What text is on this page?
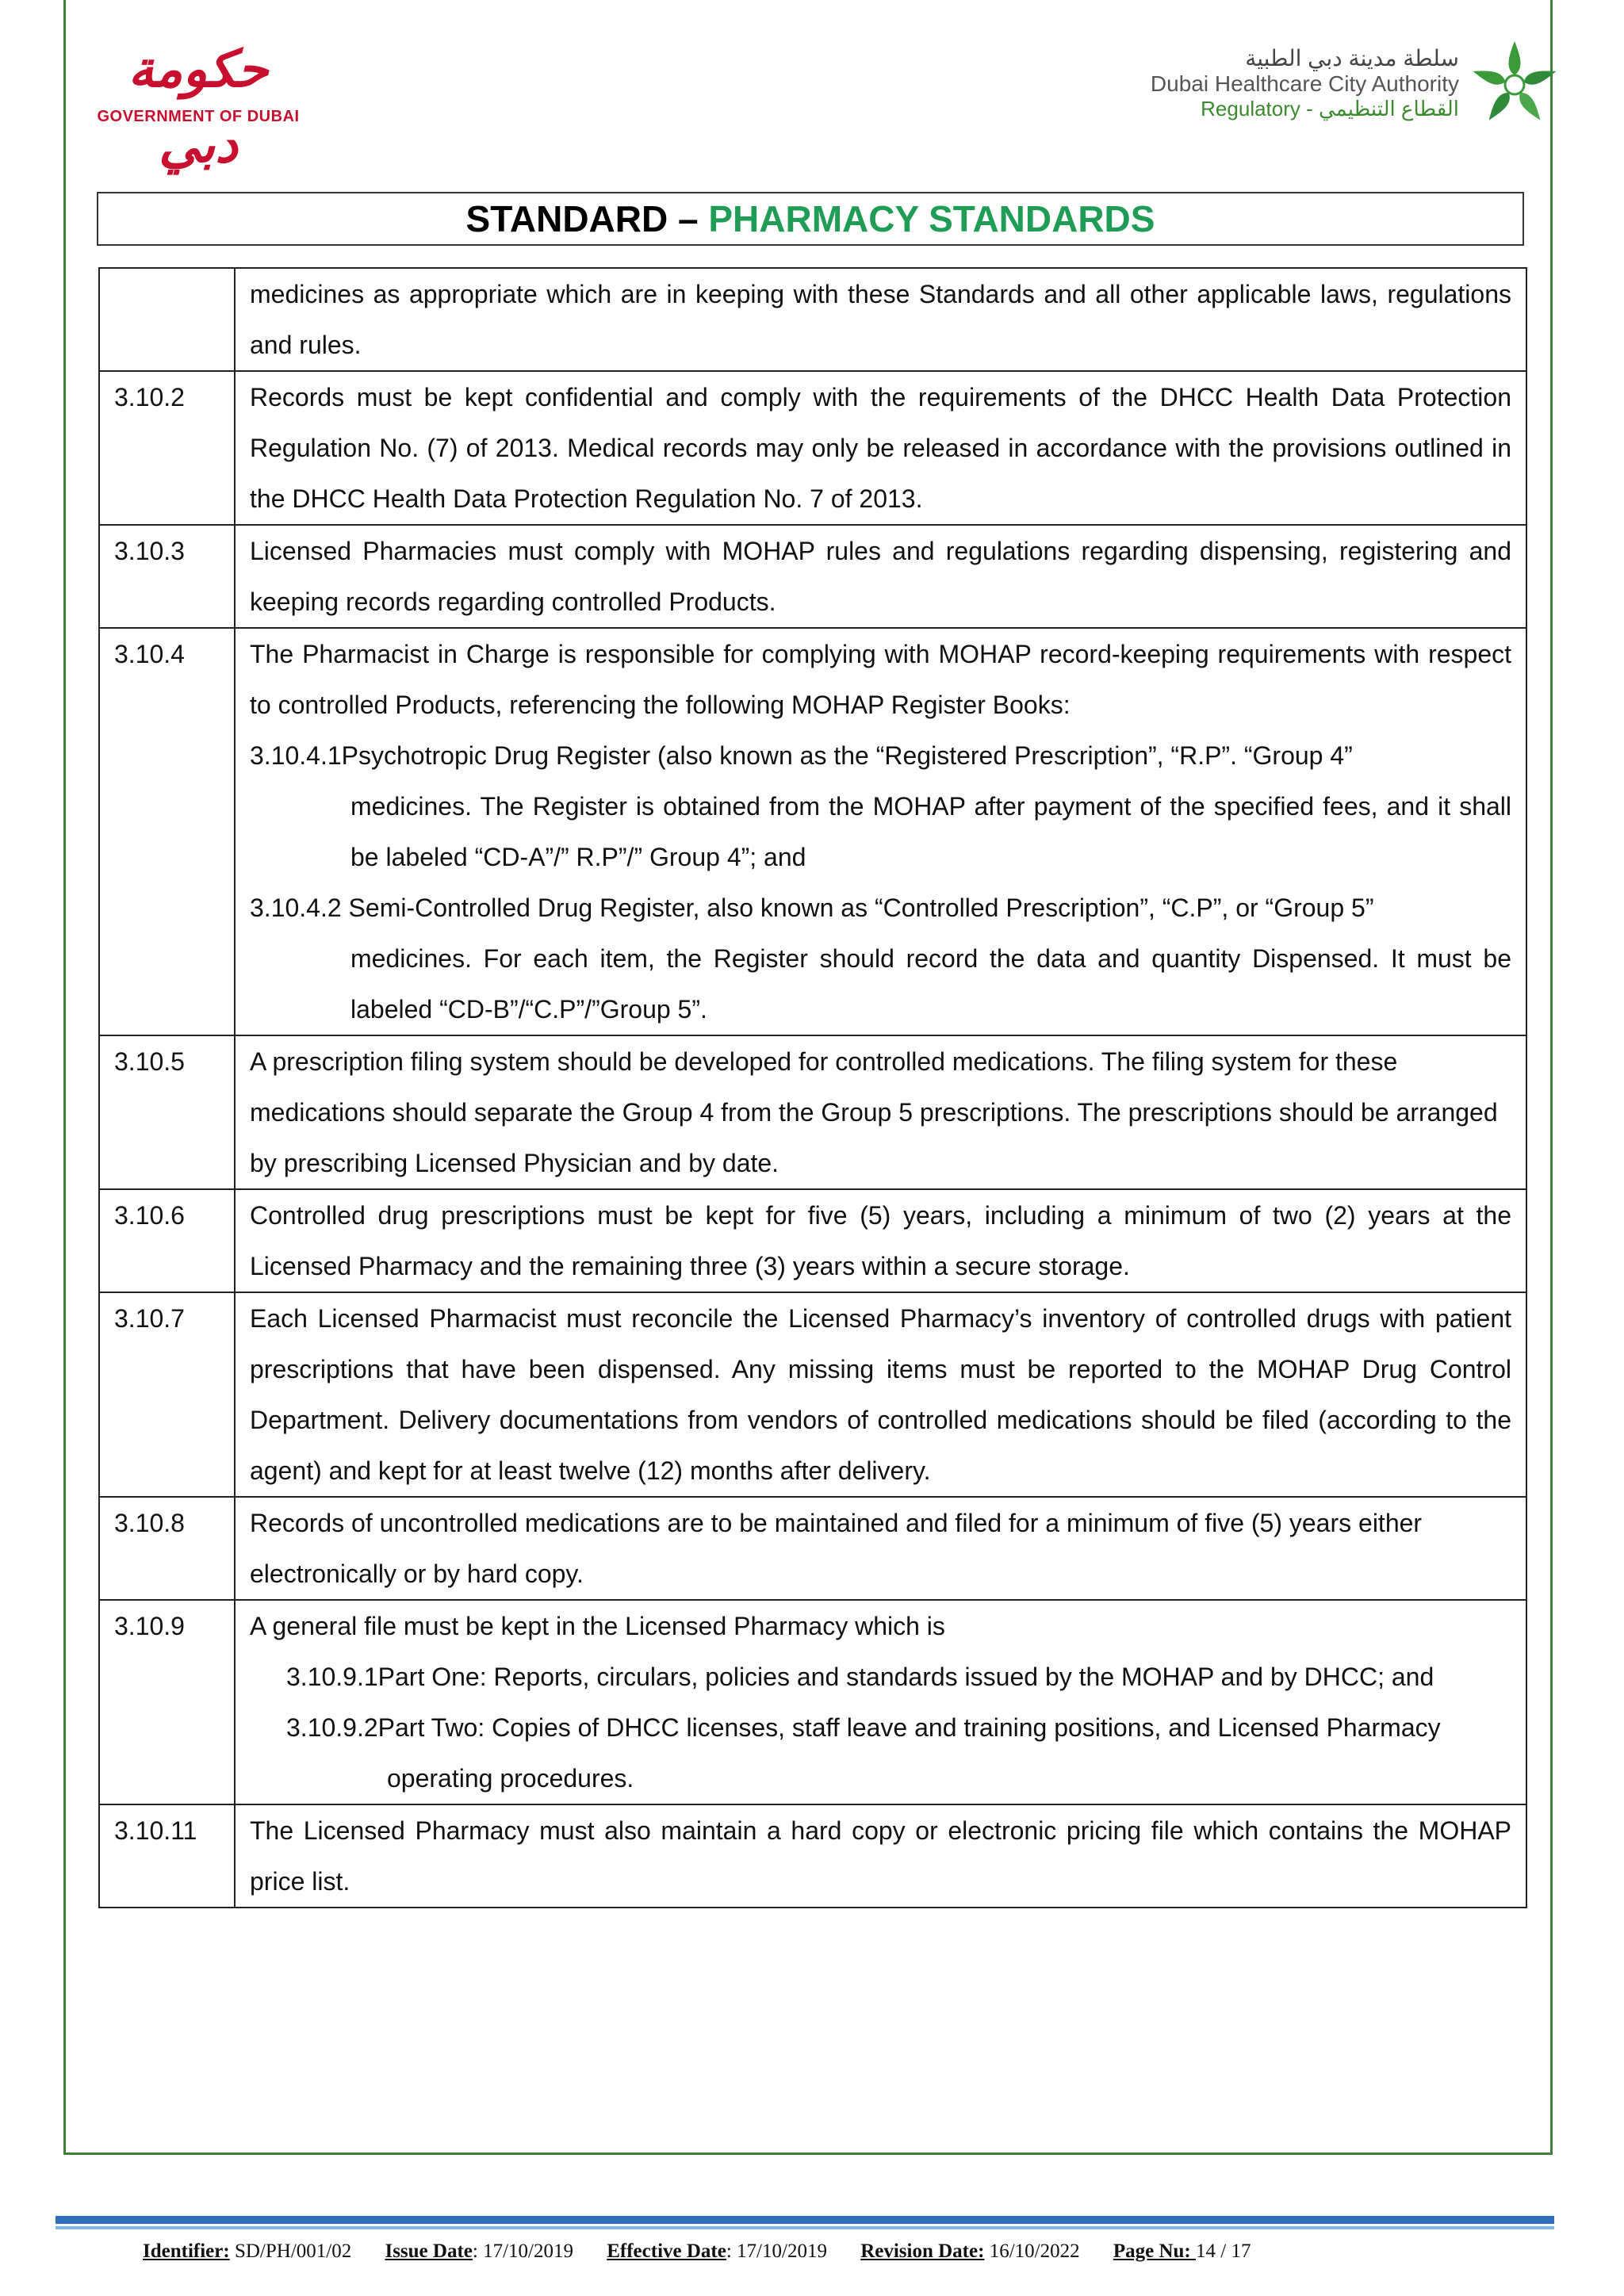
حكومة دبي
GOVERNMENT OF DUBAI
سلطة مدينة دبي الطبية
Dubai Healthcare City Authority
Regulatory - القطاع التنظيمي
STANDARD – PHARMACY STANDARDS
	medicines as appropriate which are in keeping with these Standards and all other applicable laws, regulations and rules.
3.10.2	Records must be kept confidential and comply with the requirements of the DHCC Health Data Protection Regulation No. (7) of 2013. Medical records may only be released in accordance with the provisions outlined in the DHCC Health Data Protection Regulation No. 7 of 2013.
3.10.3	Licensed Pharmacies must comply with MOHAP rules and regulations regarding dispensing, registering and keeping records regarding controlled Products.
3.10.4	The Pharmacist in Charge is responsible for complying with MOHAP record-keeping requirements with respect to controlled Products, referencing the following MOHAP Register Books:
3.10.4.1Psychotropic Drug Register (also known as the “Registered Prescription”, “R.P”. “Group 4”
medicines. The Register is obtained from the MOHAP after payment of the specified fees, and it shall be labeled “CD-A”/” R.P”/” Group 4”; and
3.10.4.2 Semi-Controlled Drug Register, also known as “Controlled Prescription”, “C.P”, or “Group 5”
medicines. For each item, the Register should record the data and quantity Dispensed. It must be labeled “CD-B”/“C.P”/”Group 5”.

3.10.5	A prescription filing system should be developed for controlled medications. The filing system for these medications should separate the Group 4 from the Group 5 prescriptions. The prescriptions should be arranged by prescribing Licensed Physician and by date.
3.10.6	Controlled drug prescriptions must be kept for five (5) years, including a minimum of two (2) years at the Licensed Pharmacy and the remaining three (3) years within a secure storage.
3.10.7	Each Licensed Pharmacist must reconcile the Licensed Pharmacy’s inventory of controlled drugs with patient prescriptions that have been dispensed. Any missing items must be reported to the MOHAP Drug Control Department. Delivery documentations from vendors of controlled medications should be filed (according to the agent) and kept for at least twelve (12) months after delivery.
3.10.8	Records of uncontrolled medications are to be maintained and filed for a minimum of five (5) years either electronically or by hard copy.
3.10.9	A general file must be kept in the Licensed Pharmacy which is
3.10.9.1Part One: Reports, circulars, policies and standards issued by the MOHAP and by DHCC; and
3.10.9.2Part Two: Copies of DHCC licenses, staff leave and training positions, and Licensed Pharmacy
operating procedures.

3.10.11	The Licensed Pharmacy must also maintain a hard copy or electronic pricing file which contains the MOHAP price list.
Identifier: SD/PH/001/02 Issue Date: 17/10/2019 Effective Date: 17/10/2019 Revision Date: 16/10/2022 Page Nu: 14 / 17
